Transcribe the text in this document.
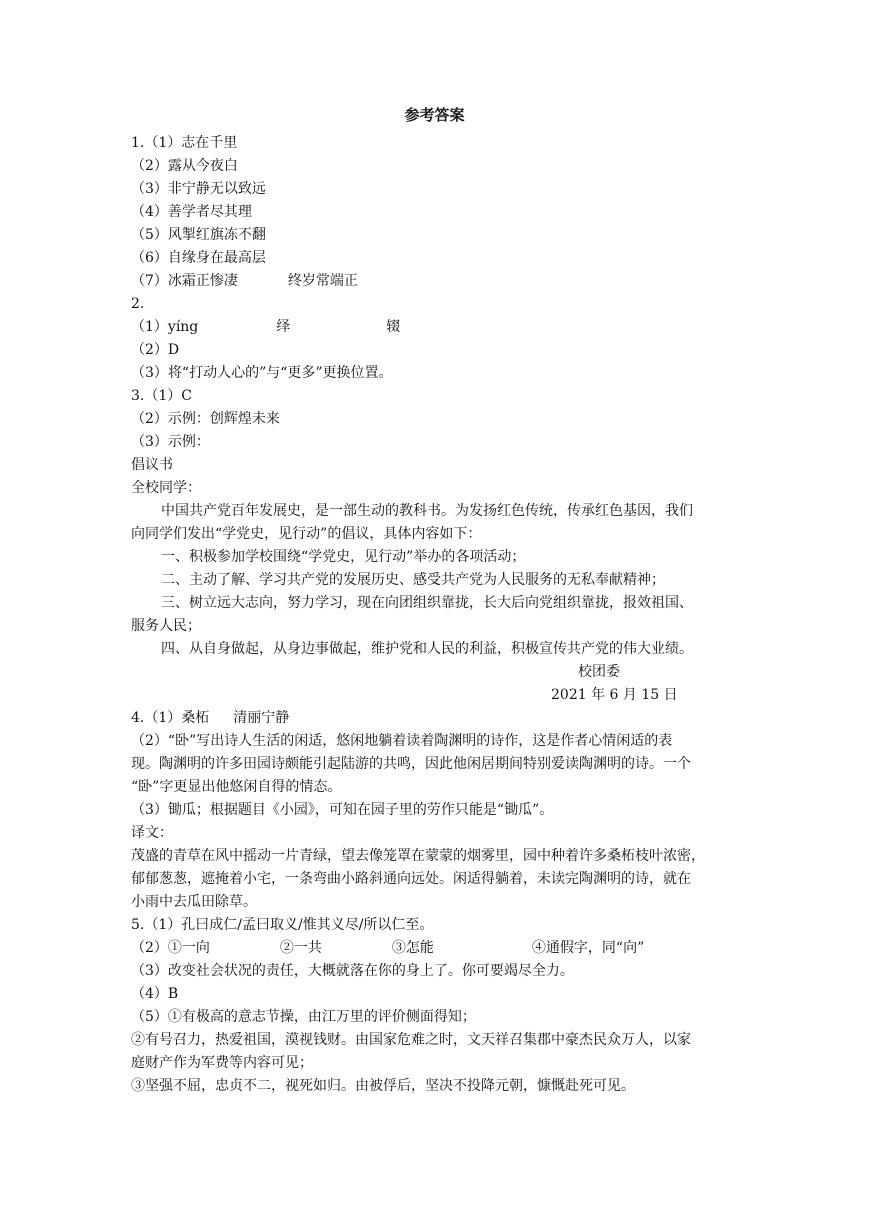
参考答案
1.（1）志在千里
（2）露从今夜白
（3）非宁静无以致远
（4）善学者尽其理
（5）风掣红旗冻不翻
（6）自缘身在最高层
（7）冰霜正惨凄	终岁常端正
2.
（1）yíng	绎	辍
（2）D
（3）将“打动人心的”与“更多”更换位置。
3.（1）C
（2）示例：创辉煌未来
（3）示例：
倡议书
全校同学：
中国共产党百年发展史，是一部生动的教科书。为发扬红色传统，传承红色基因，我们
向同学们发出“学党史，见行动”的倡议，具体内容如下：
一、积极参加学校围绕“学党史，见行动”举办的各项活动；
二、主动了解、学习共产党的发展历史、感受共产党为人民服务的无私奉献精神；
三、树立远大志向，努力学习，现在向团组织靠拢，长大后向党组织靠拢，报效祖国、
服务人民；
四、从自身做起，从身边事做起，维护党和人民的利益，积极宣传共产党的伟大业绩。
校团委
2021 年 6 月 15 日
4.（1）桑柘 清丽宁静
（2）“卧”写出诗人生活的闲适，悠闲地躺着读着陶渊明的诗作，这是作者心情闲适的表
现。陶渊明的许多田园诗颇能引起陆游的共鸣，因此他闲居期间特别爱读陶渊明的诗。一个
“卧”字更显出他悠闲自得的情态。
（3）锄瓜；根据题目《小园》，可知在园子里的劳作只能是“锄瓜”。
译文：
茂盛的青草在风中摇动一片青绿，望去像笼罩在蒙蒙的烟雾里，园中种着许多桑柘枝叶浓密，
郁郁葱葱，遮掩着小宅，一条弯曲小路斜通向远处。闲适得躺着，未读完陶渊明的诗，就在
小雨中去瓜田除草。
5.（1）孔曰成仁/孟曰取义/惟其义尽/所以仁至。
（2）①一向	②一共	③怎能	④通假字，同“向”
（3）改变社会状况的责任，大概就落在你的身上了。你可要竭尽全力。
（4）B
（5）①有极高的意志节操，由江万里的评价侧面得知；
②有号召力，热爱祖国，漠视钱财。由国家危难之时，文天祥召集郡中豪杰民众万人，以家
庭财产作为军费等内容可见；
③坚强不屈，忠贞不二，视死如归。由被俘后，坚决不投降元朝，慷慨赴死可见。
